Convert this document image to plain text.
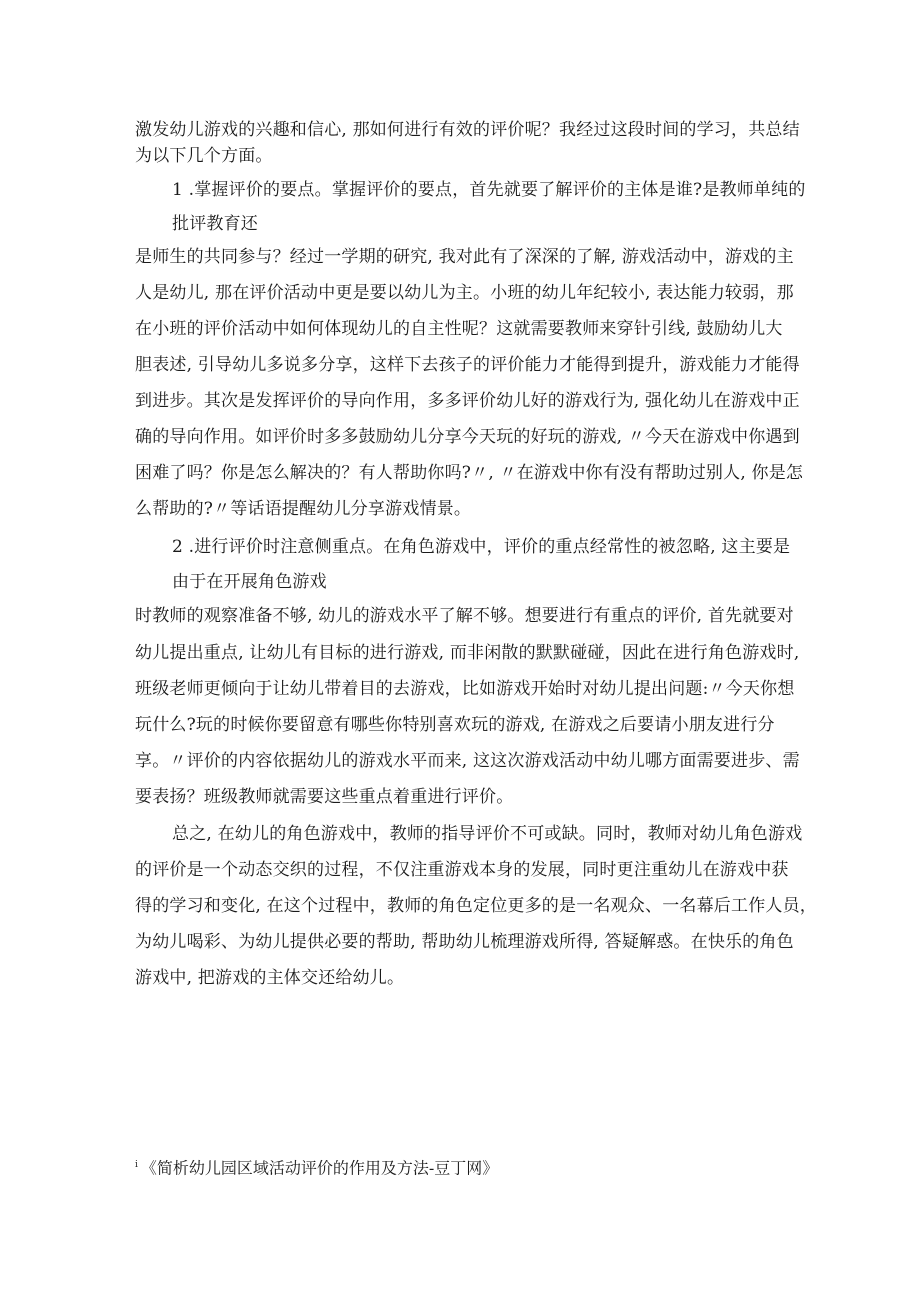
激发幼儿游戏的兴趣和信心, 那如何进行有效的评价呢？我经过这段时间的学习，共总结
为以下几个方面。
1 .掌握评价的要点。掌握评价的要点，首先就要了解评价的主体是谁?是教师单纯的
批评教育还
是师生的共同参与？经过一学期的研究, 我对此有了深深的了解, 游戏活动中，游戏的主
人是幼儿, 那在评价活动中更是要以幼儿为主。小班的幼儿年纪较小, 表达能力较弱，那
在小班的评价活动中如何体现幼儿的自主性呢？这就需要教师来穿针引线, 鼓励幼儿大
胆表述, 引导幼儿多说多分享，这样下去孩子的评价能力才能得到提升，游戏能力才能得
到进步。其次是发挥评价的导向作用，多多评价幼儿好的游戏行为, 强化幼儿在游戏中正
确的导向作用。如评价时多多鼓励幼儿分享今天玩的好玩的游戏, 〃今天在游戏中你遇到
困难了吗？你是怎么解决的？有人帮助你吗?〃, 〃在游戏中你有没有帮助过别人, 你是怎
么帮助的?〃等话语提醒幼儿分享游戏情景。
2 .进行评价时注意侧重点。在角色游戏中，评价的重点经常性的被忽略, 这主要是
由于在开展角色游戏
时教师的观察准备不够, 幼儿的游戏水平了解不够。想要进行有重点的评价, 首先就要对
幼儿提出重点, 让幼儿有目标的进行游戏, 而非闲散的默默碰碰，因此在进行角色游戏时,
班级老师更倾向于让幼儿带着目的去游戏，比如游戏开始时对幼儿提出问题:〃今天你想
玩什么?玩的时候你要留意有哪些你特别喜欢玩的游戏, 在游戏之后要请小朋友进行分
享。〃评价的内容依据幼儿的游戏水平而来, 这这次游戏活动中幼儿哪方面需要进步、需
要表扬？班级教师就需要这些重点着重进行评价。
总之, 在幼儿的角色游戏中，教师的指导评价不可或缺。同时，教师对幼儿角色游戏
的评价是一个动态交织的过程，不仅注重游戏本身的发展，同时更注重幼儿在游戏中获
得的学习和变化, 在这个过程中，教师的角色定位更多的是一名观众、一名幕后工作人员，
为幼儿喝彩、为幼儿提供必要的帮助, 帮助幼儿梳理游戏所得, 答疑解惑。在快乐的角色
游戏中, 把游戏的主体交还给幼儿。
$^i$ 《简析幼儿园区域活动评价的作用及方法-豆丁网》
